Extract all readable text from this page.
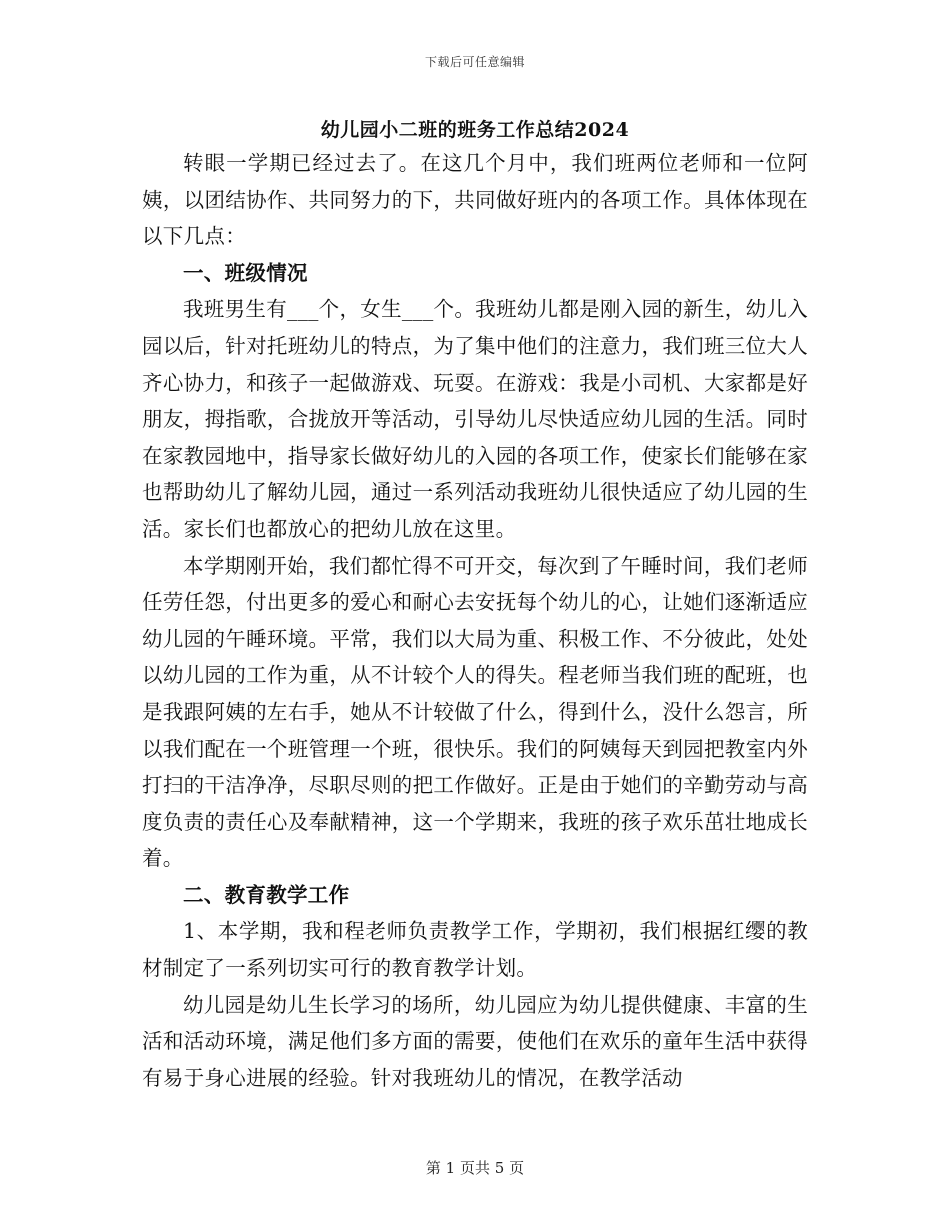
下载后可任意编辑
幼儿园小二班的班务工作总结2024

转眼一学期已经过去了。在这几个月中，我们班两位老师和一位阿姨，以团结协作、共同努力的下，共同做好班内的各项工作。具体体现在以下几点：

一、班级情况

我班男生有___个，女生___个。我班幼儿都是刚入园的新生，幼儿入园以后，针对托班幼儿的特点，为了集中他们的注意力，我们班三位大人齐心协力，和孩子一起做游戏、玩耍。在游戏：我是小司机、大家都是好朋友，拇指歌，合拢放开等活动，引导幼儿尽快适应幼儿园的生活。同时在家教园地中，指导家长做好幼儿的入园的各项工作，使家长们能够在家也帮助幼儿了解幼儿园，通过一系列活动我班幼儿很快适应了幼儿园的生活。家长们也都放心的把幼儿放在这里。

本学期刚开始，我们都忙得不可开交，每次到了午睡时间，我们老师任劳任怨，付出更多的爱心和耐心去安抚每个幼儿的心，让她们逐渐适应幼儿园的午睡环境。平常，我们以大局为重、积极工作、不分彼此，处处以幼儿园的工作为重，从不计较个人的得失。程老师当我们班的配班，也是我跟阿姨的左右手，她从不计较做了什么，得到什么，没什么怨言，所以我们配在一个班管理一个班，很快乐。我们的阿姨每天到园把教室内外打扫的干洁净净，尽职尽则的把工作做好。正是由于她们的辛勤劳动与高度负责的责任心及奉献精神，这一个学期来，我班的孩子欢乐茁壮地成长着。

二、教育教学工作

1、本学期，我和程老师负责教学工作，学期初，我们根据红缨的教材制定了一系列切实可行的教育教学计划。

幼儿园是幼儿生长学习的场所，幼儿园应为幼儿提供健康、丰富的生活和活动环境，满足他们多方面的需要，使他们在欢乐的童年生活中获得有易于身心进展的经验。针对我班幼儿的情况，在教学活动

第 1 页共 5 页
